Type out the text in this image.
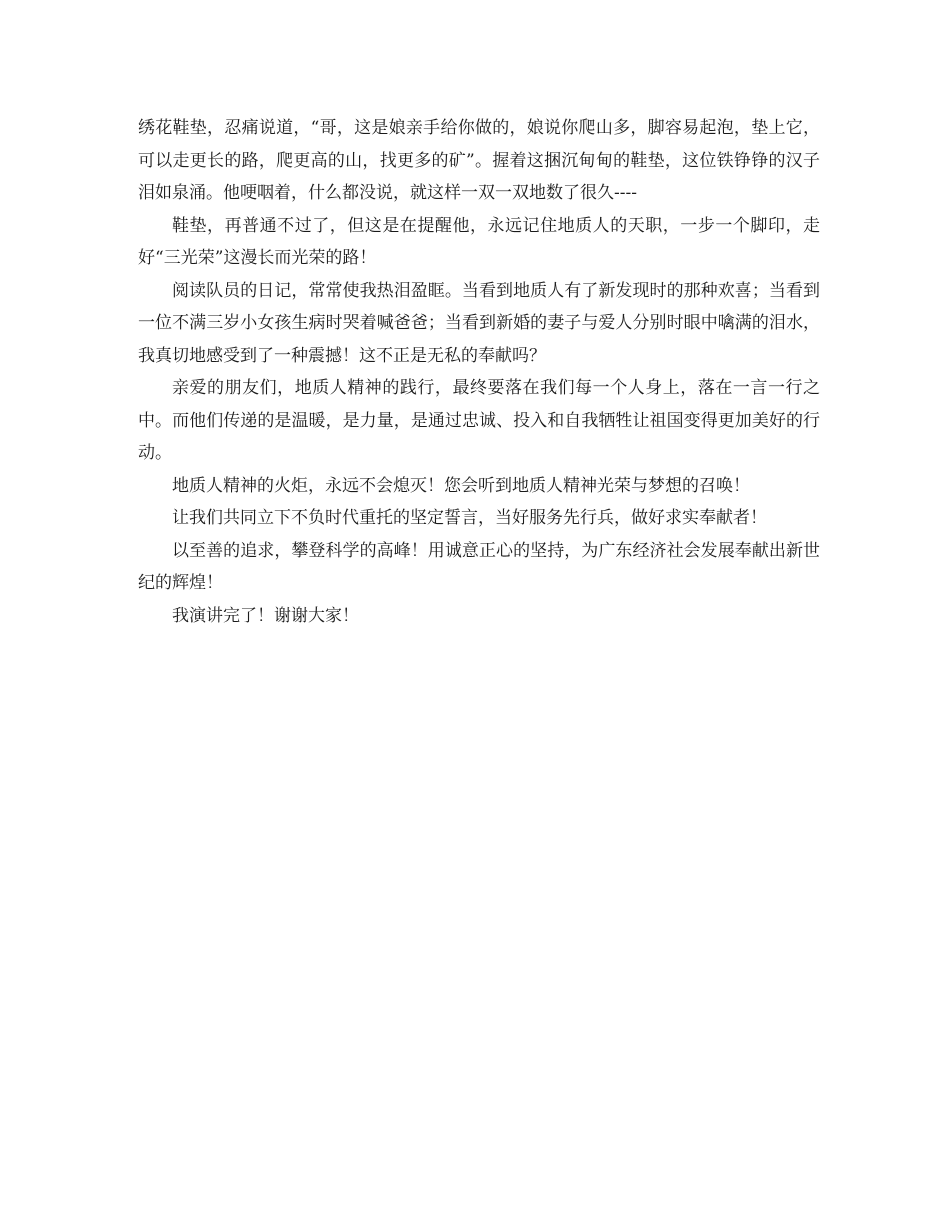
绣花鞋垫，忍痛说道，“哥，这是娘亲手给你做的，娘说你爬山多，脚容易起泡，垫上它，可以走更长的路，爬更高的山，找更多的矿”。握着这捆沉甸甸的鞋垫，这位铁铮铮的汉子泪如泉涌。他哽咽着，什么都没说，就这样一双一双地数了很久----

鞋垫，再普通不过了，但这是在提醒他，永远记住地质人的天职，一步一个脚印，走好“三光荣”这漫长而光荣的路！

阅读队员的日记，常常使我热泪盈眶。当看到地质人有了新发现时的那种欢喜；当看到一位不满三岁小女孩生病时哭着喊爸爸；当看到新婚的妻子与爱人分别时眼中噙满的泪水，我真切地感受到了一种震撼！这不正是无私的奉献吗？

亲爱的朋友们，地质人精神的践行，最终要落在我们每一个人身上，落在一言一行之中。而他们传递的是温暖，是力量，是通过忠诚、投入和自我牺牲让祖国变得更加美好的行动。

地质人精神的火炬，永远不会熄灭！您会听到地质人精神光荣与梦想的召唤！

让我们共同立下不负时代重托的坚定誓言，当好服务先行兵，做好求实奉献者！

以至善的追求，攀登科学的高峰！用诚意正心的坚持，为广东经济社会发展奉献出新世纪的辉煌！

我演讲完了！谢谢大家！
